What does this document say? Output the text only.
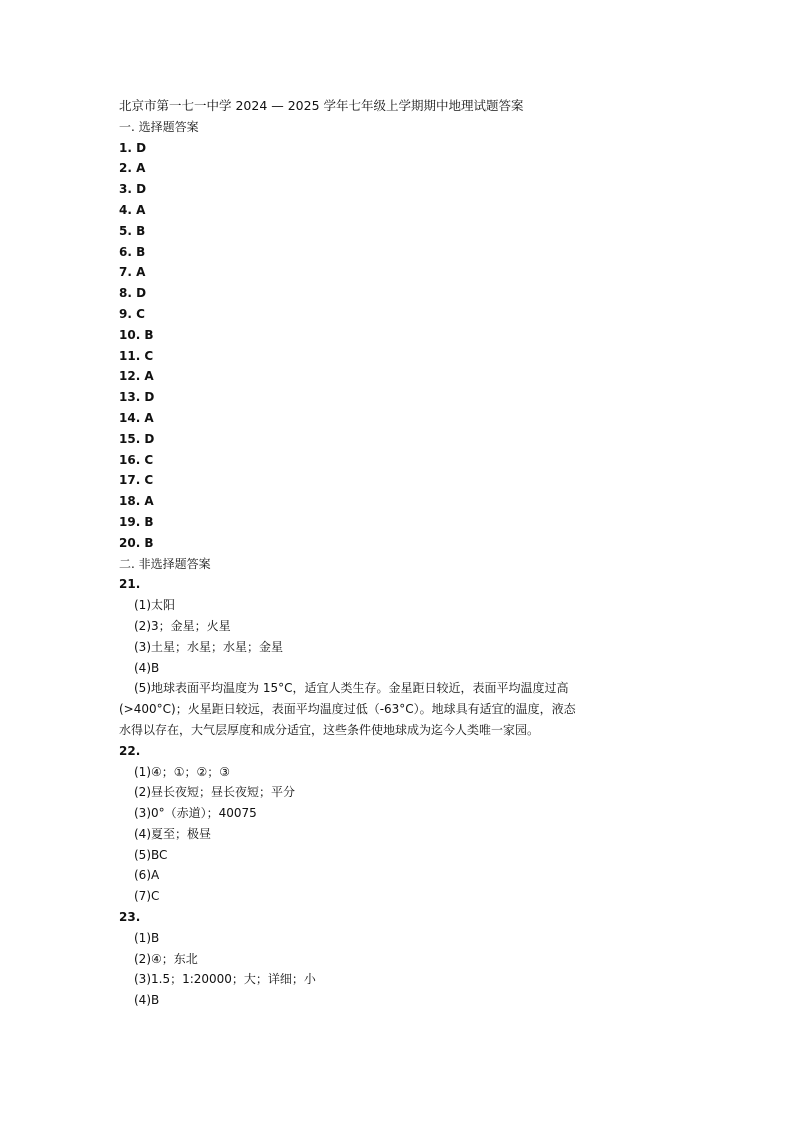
北京市第一七一中学 2024 — 2025 学年七年级上学期期中地理试题答案
一. 选择题答案
1. D
2. A
3. D
4. A
5. B
6. B
7. A
8. D
9. C
10. B
11. C
12. A
13. D
14. A
15. D
16. C
17. C
18. A
19. B
20. B
二. 非选择题答案
21.
(1)太阳
(2)3；金星；火星
(3)土星；水星；水星；金星
(4)B
(5)地球表面平均温度为 15°C，适宜人类生存。金星距日较近，表面平均温度过高
(>400°C)；火星距日较远，表面平均温度过低（-63°C）。地球具有适宜的温度，液态
水得以存在，大气层厚度和成分适宜，这些条件使地球成为迄今人类唯一家园。
22.
(1)④；①；②；③
(2)昼长夜短；昼长夜短；平分
(3)0°（赤道）；40075
(4)夏至；极昼
(5)BC
(6)A
(7)C
23.
(1)B
(2)④；东北
(3)1.5；1:20000；大；详细；小
(4)B
